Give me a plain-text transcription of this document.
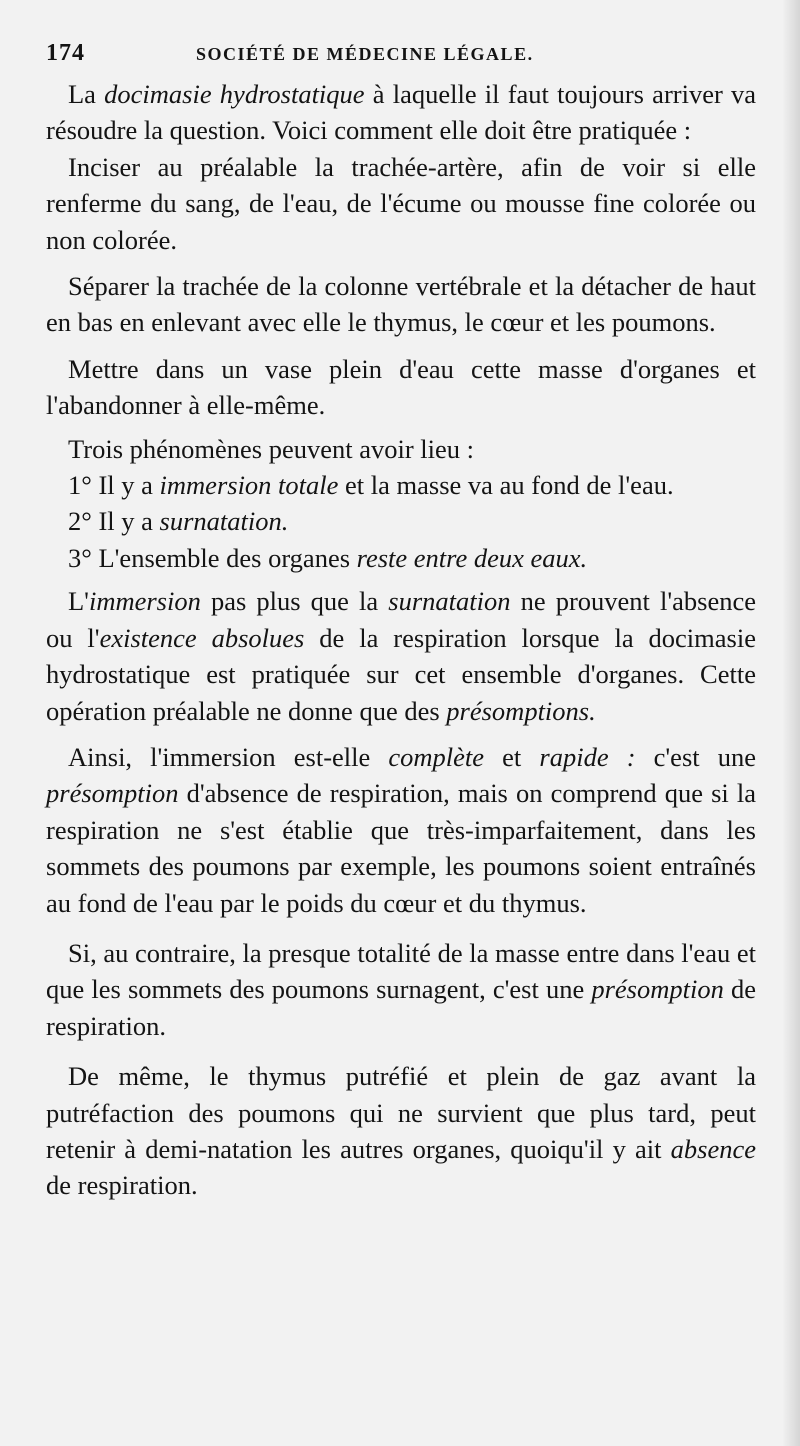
174	SOCIÉTÉ DE MÉDECINE LÉGALE.

La docimasie hydrostatique à laquelle il faut toujours arriver va résoudre la question. Voici comment elle doit être pratiquée :

Inciser au préalable la trachée-artère, afin de voir si elle renferme du sang, de l'eau, de l'écume ou mousse fine colorée ou non colorée.

Séparer la trachée de la colonne vertébrale et la détacher de haut en bas en enlevant avec elle le thymus, le cœur et les poumons.

Mettre dans un vase plein d'eau cette masse d'organes et l'abandonner à elle-même.

Trois phénomènes peuvent avoir lieu :

1° Il y a immersion totale et la masse va au fond de l'eau.

2° Il y a surnatation.

3° L'ensemble des organes reste entre deux eaux.

L'immersion pas plus que la surnatation ne prouvent l'absence ou l'existence absolues de la respiration lorsque la docimasie hydrostatique est pratiquée sur cet ensemble d'organes. Cette opération préalable ne donne que des présomptions.

Ainsi, l'immersion est-elle complète et rapide : c'est une présomption d'absence de respiration, mais on comprend que si la respiration ne s'est établie que très-imparfaitement, dans les sommets des poumons par exemple, les poumons soient entraînés au fond de l'eau par le poids du cœur et du thymus.

Si, au contraire, la presque totalité de la masse entre dans l'eau et que les sommets des poumons surnagent, c'est une présomption de respiration.

De même, le thymus putréfié et plein de gaz avant la putréfaction des poumons qui ne survient que plus tard, peut retenir à demi-natation les autres organes, quoiqu'il y ait absence de respiration.
